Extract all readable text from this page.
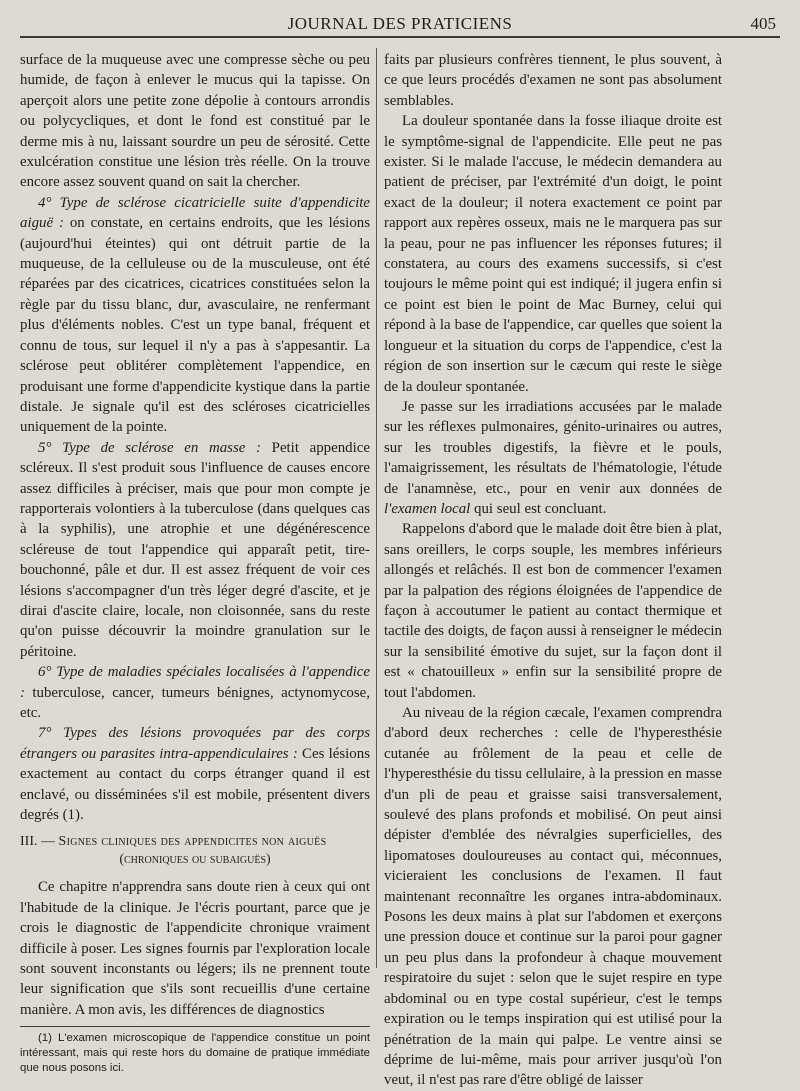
JOURNAL DES PRATICIENS	405

surface de la muqueuse avec une compresse sèche ou peu humide, de façon à enlever le mucus qui la tapisse. On aperçoit alors une petite zone dépolie à contours arrondis ou polycycliques, et dont le fond est constitué par le derme mis à nu, laissant sourdre un peu de sérosité. Cette exulcération constitue une lésion très réelle. On la trouve encore assez souvent quand on sait la chercher.

4° Type de sclérose cicatricielle suite d'appendicite aiguë : on constate, en certains endroits, que les lésions (aujourd'hui éteintes) qui ont détruit partie de la muqueuse, de la celluleuse ou de la musculeuse, ont été réparées par des cicatrices, cicatrices constituées selon la règle par du tissu blanc, dur, avasculaire, ne renfermant plus d'éléments nobles. C'est un type banal, fréquent et connu de tous, sur lequel il n'y a pas à s'appesantir. La sclérose peut oblitérer complètement l'appendice, en produisant une forme d'appendicite kystique dans la partie distale. Je signale qu'il est des scléroses cicatricielles uniquement de la pointe.

5° Type de sclérose en masse : Petit appendice scléreux. Il s'est produit sous l'influence de causes encore assez difficiles à préciser, mais que pour mon compte je rapporterais volontiers à la tuberculose (dans quelques cas à la syphilis), une atrophie et une dégénérescence scléreuse de tout l'appendice qui apparaît petit, tire-bouchonné, pâle et dur. Il est assez fréquent de voir ces lésions s'accompagner d'un très léger degré d'ascite, et je dirai d'ascite claire, locale, non cloisonnée, sans du reste qu'on puisse découvrir la moindre granulation sur le péritoine.

6° Type de maladies spéciales localisées à l'appendice : tuberculose, cancer, tumeurs bénignes, actynomycose, etc.

7° Types des lésions provoquées par des corps étrangers ou parasites intra-appendiculaires : Ces lésions exactement au contact du corps étranger quand il est enclavé, ou disséminées s'il est mobile, présentent divers degrés (1).

III. — Signes cliniques des appendicites non aiguës
(chroniques ou subaiguës)

Ce chapitre n'apprendra sans doute rien à ceux qui ont l'habitude de la clinique. Je l'écris pourtant, parce que je crois le diagnostic de l'appendicite chronique vraiment difficile à poser. Les signes fournis par l'exploration locale sont souvent inconstants ou légers; ils ne prennent toute leur signification que s'ils sont recueillis d'une certaine manière. A mon avis, les différences de diagnostics

(1) L'examen microscopique de l'appendice constitue un point intéressant, mais qui reste hors du domaine de pratique immédiate que nous posons ici.

faits par plusieurs confrères tiennent, le plus souvent, à ce que leurs procédés d'examen ne sont pas absolument semblables.

La douleur spontanée dans la fosse iliaque droite est le symptôme-signal de l'appendicite. Elle peut ne pas exister. Si le malade l'accuse, le médecin demandera au patient de préciser, par l'extrémité d'un doigt, le point exact de la douleur; il notera exactement ce point par rapport aux repères osseux, mais ne le marquera pas sur la peau, pour ne pas influencer les réponses futures; il constatera, au cours des examens successifs, si c'est toujours le même point qui est indiqué; il jugera enfin si ce point est bien le point de Mac Burney, celui qui répond à la base de l'appendice, car quelles que soient la longueur et la situation du corps de l'appendice, c'est la région de son insertion sur le cæcum qui reste le siège de la douleur spontanée.

Je passe sur les irradiations accusées par le malade sur les réflexes pulmonaires, génito-urinaires ou autres, sur les troubles digestifs, la fièvre et le pouls, l'amaigrissement, les résultats de l'hématologie, l'étude de l'anamnèse, etc., pour en venir aux données de l'examen local qui seul est concluant.

Rappelons d'abord que le malade doit être bien à plat, sans oreillers, le corps souple, les membres inférieurs allongés et relâchés. Il est bon de commencer l'examen par la palpation des régions éloignées de l'appendice de façon à accoutumer le patient au contact thermique et tactile des doigts, de façon aussi à renseigner le médecin sur la sensibilité émotive du sujet, sur la façon dont il est « chatouilleux » enfin sur la sensibilité propre de tout l'abdomen.

Au niveau de la région cæcale, l'examen comprendra d'abord deux recherches : celle de l'hyperesthésie cutanée au frôlement de la peau et celle de l'hyperesthésie du tissu cellulaire, à la pression en masse d'un pli de peau et graisse saisi transversalement, soulevé des plans profonds et mobilisé. On peut ainsi dépister d'emblée des névralgies superficielles, des lipomatoses douloureuses au contact qui, méconnues, vicieraient les conclusions de l'examen. Il faut maintenant reconnaître les organes intra-abdominaux. Posons les deux mains à plat sur l'abdomen et exerçons une pression douce et continue sur la paroi pour gagner un peu plus dans la profondeur à chaque mouvement respiratoire du sujet : selon que le sujet respire en type abdominal ou en type costal supérieur, c'est le temps expiration ou le temps inspiration qui est utilisé pour la pénétration de la main qui palpe. Le ventre ainsi se déprime de lui-même, mais pour arriver jusqu'où l'on veut, il n'est pas rare d'être obligé de laisser
